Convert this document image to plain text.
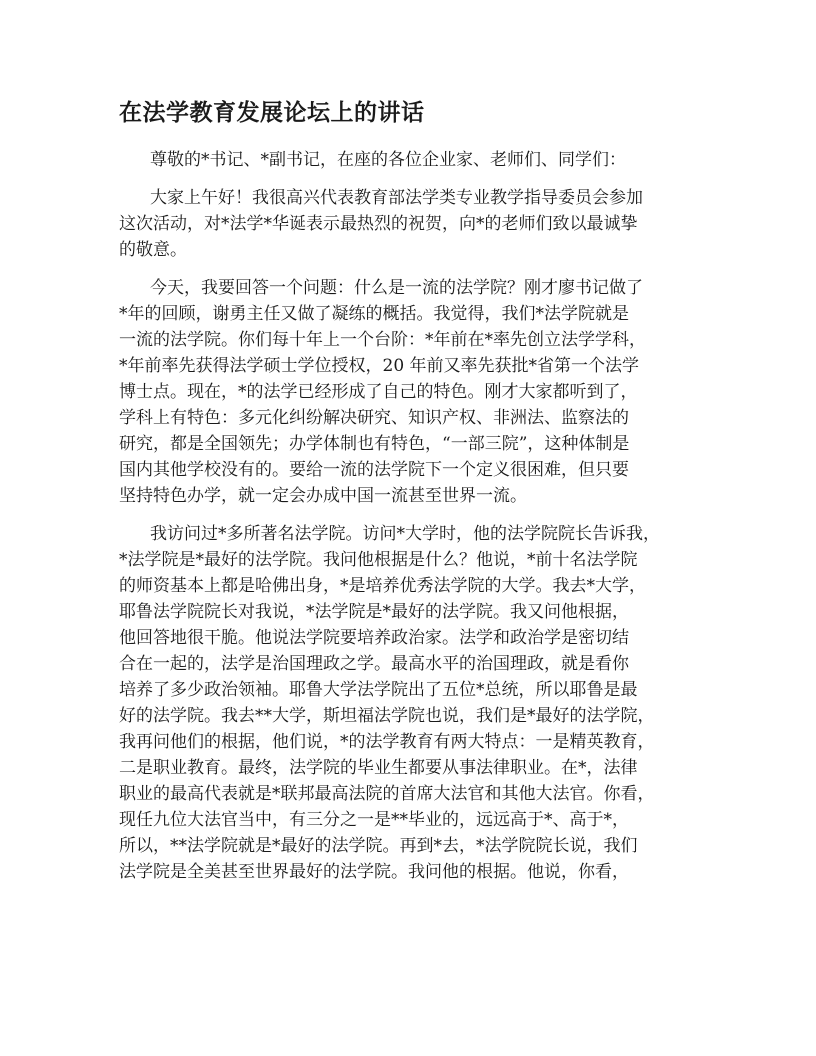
在法学教育发展论坛上的讲话
尊敬的*书记、*副书记，在座的各位企业家、老师们、同学们：
大家上午好！我很高兴代表教育部法学类专业教学指导委员会参加
这次活动，对*法学*华诞表示最热烈的祝贺，向*的老师们致以最诚挚
的敬意。
今天，我要回答一个问题：什么是一流的法学院？刚才廖书记做了
*年的回顾，谢勇主任又做了凝练的概括。我觉得，我们*法学院就是
一流的法学院。你们每十年上一个台阶：*年前在*率先创立法学学科，
*年前率先获得法学硕士学位授权，20 年前又率先获批*省第一个法学
博士点。现在，*的法学已经形成了自己的特色。刚才大家都听到了，
学科上有特色：多元化纠纷解决研究、知识产权、非洲法、监察法的
研究，都是全国领先；办学体制也有特色，“一部三院”，这种体制是
国内其他学校没有的。要给一流的法学院下一个定义很困难，但只要
坚持特色办学，就一定会办成中国一流甚至世界一流。
我访问过*多所著名法学院。访问*大学时，他的法学院院长告诉我，
*法学院是*最好的法学院。我问他根据是什么？他说，*前十名法学院
的师资基本上都是哈佛出身，*是培养优秀法学院的大学。我去*大学，
耶鲁法学院院长对我说，*法学院是*最好的法学院。我又问他根据，
他回答地很干脆。他说法学院要培养政治家。法学和政治学是密切结
合在一起的，法学是治国理政之学。最高水平的治国理政，就是看你
培养了多少政治领袖。耶鲁大学法学院出了五位*总统，所以耶鲁是最
好的法学院。我去**大学，斯坦福法学院也说，我们是*最好的法学院，
我再问他们的根据，他们说，*的法学教育有两大特点：一是精英教育，
二是职业教育。最终，法学院的毕业生都要从事法律职业。在*，法律
职业的最高代表就是*联邦最高法院的首席大法官和其他大法官。你看，
现任九位大法官当中，有三分之一是**毕业的，远远高于*、高于*，
所以，**法学院就是*最好的法学院。再到*去，*法学院院长说，我们
法学院是全美甚至世界最好的法学院。我问他的根据。他说，你看，
